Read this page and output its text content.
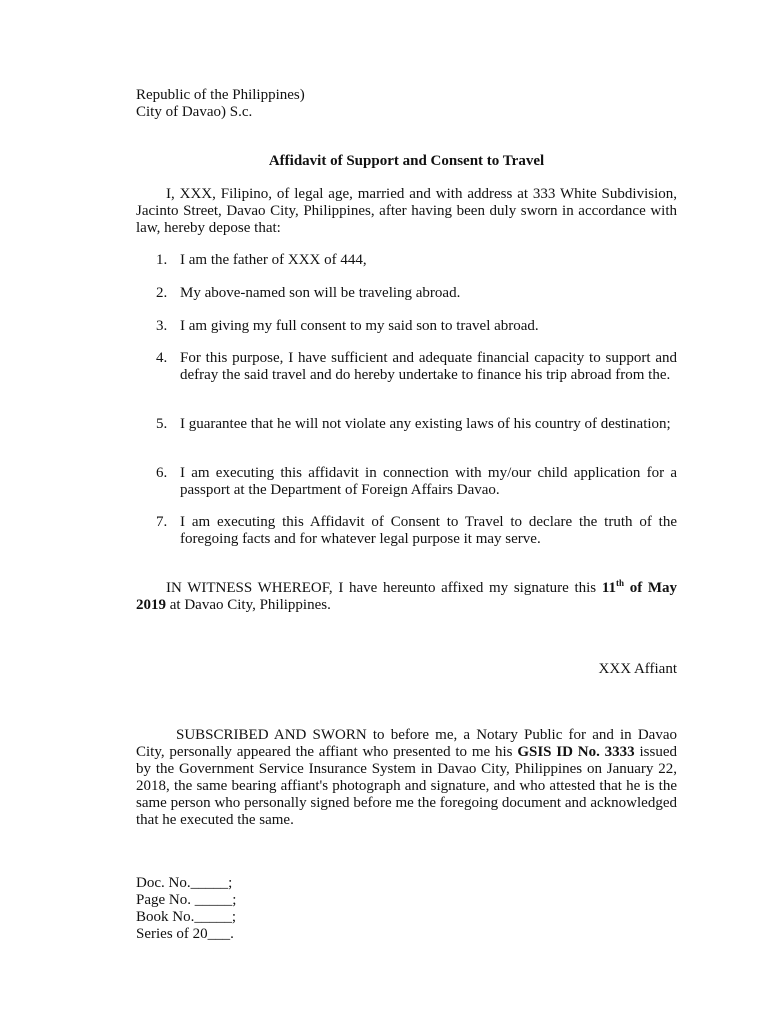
Republic of the Philippines)
City of Davao) S.c.
Affidavit of Support and Consent to Travel
I, XXX, Filipino, of legal age, married and with address at 333 White Subdivision, Jacinto Street, Davao City, Philippines, after having been duly sworn in accordance with law, hereby depose that:
1. I am the father of XXX of 444,
2. My above-named son will be traveling abroad.
3. I am giving my full consent to my said son to travel abroad.
4. For this purpose, I have sufficient and adequate financial capacity to support and defray the said travel and do hereby undertake to finance his trip abroad from the.
5. I guarantee that he will not violate any existing laws of his country of destination;
6. I am executing this affidavit in connection with my/our child application for a passport at the Department of Foreign Affairs Davao.
7. I am executing this Affidavit of Consent to Travel to declare the truth of the foregoing facts and for whatever legal purpose it may serve.
IN WITNESS WHEREOF, I have hereunto affixed my signature this 11th of May 2019 at Davao City, Philippines.
XXX Affiant
SUBSCRIBED AND SWORN to before me, a Notary Public for and in Davao City, personally appeared the affiant who presented to me his GSIS ID No. 3333 issued by the Government Service Insurance System in Davao City, Philippines on January 22, 2018, the same bearing affiant's photograph and signature, and who attested that he is the same person who personally signed before me the foregoing document and acknowledged that he executed the same.
Doc. No._____;
Page No. _____;
Book No._____;
Series of 20___.
